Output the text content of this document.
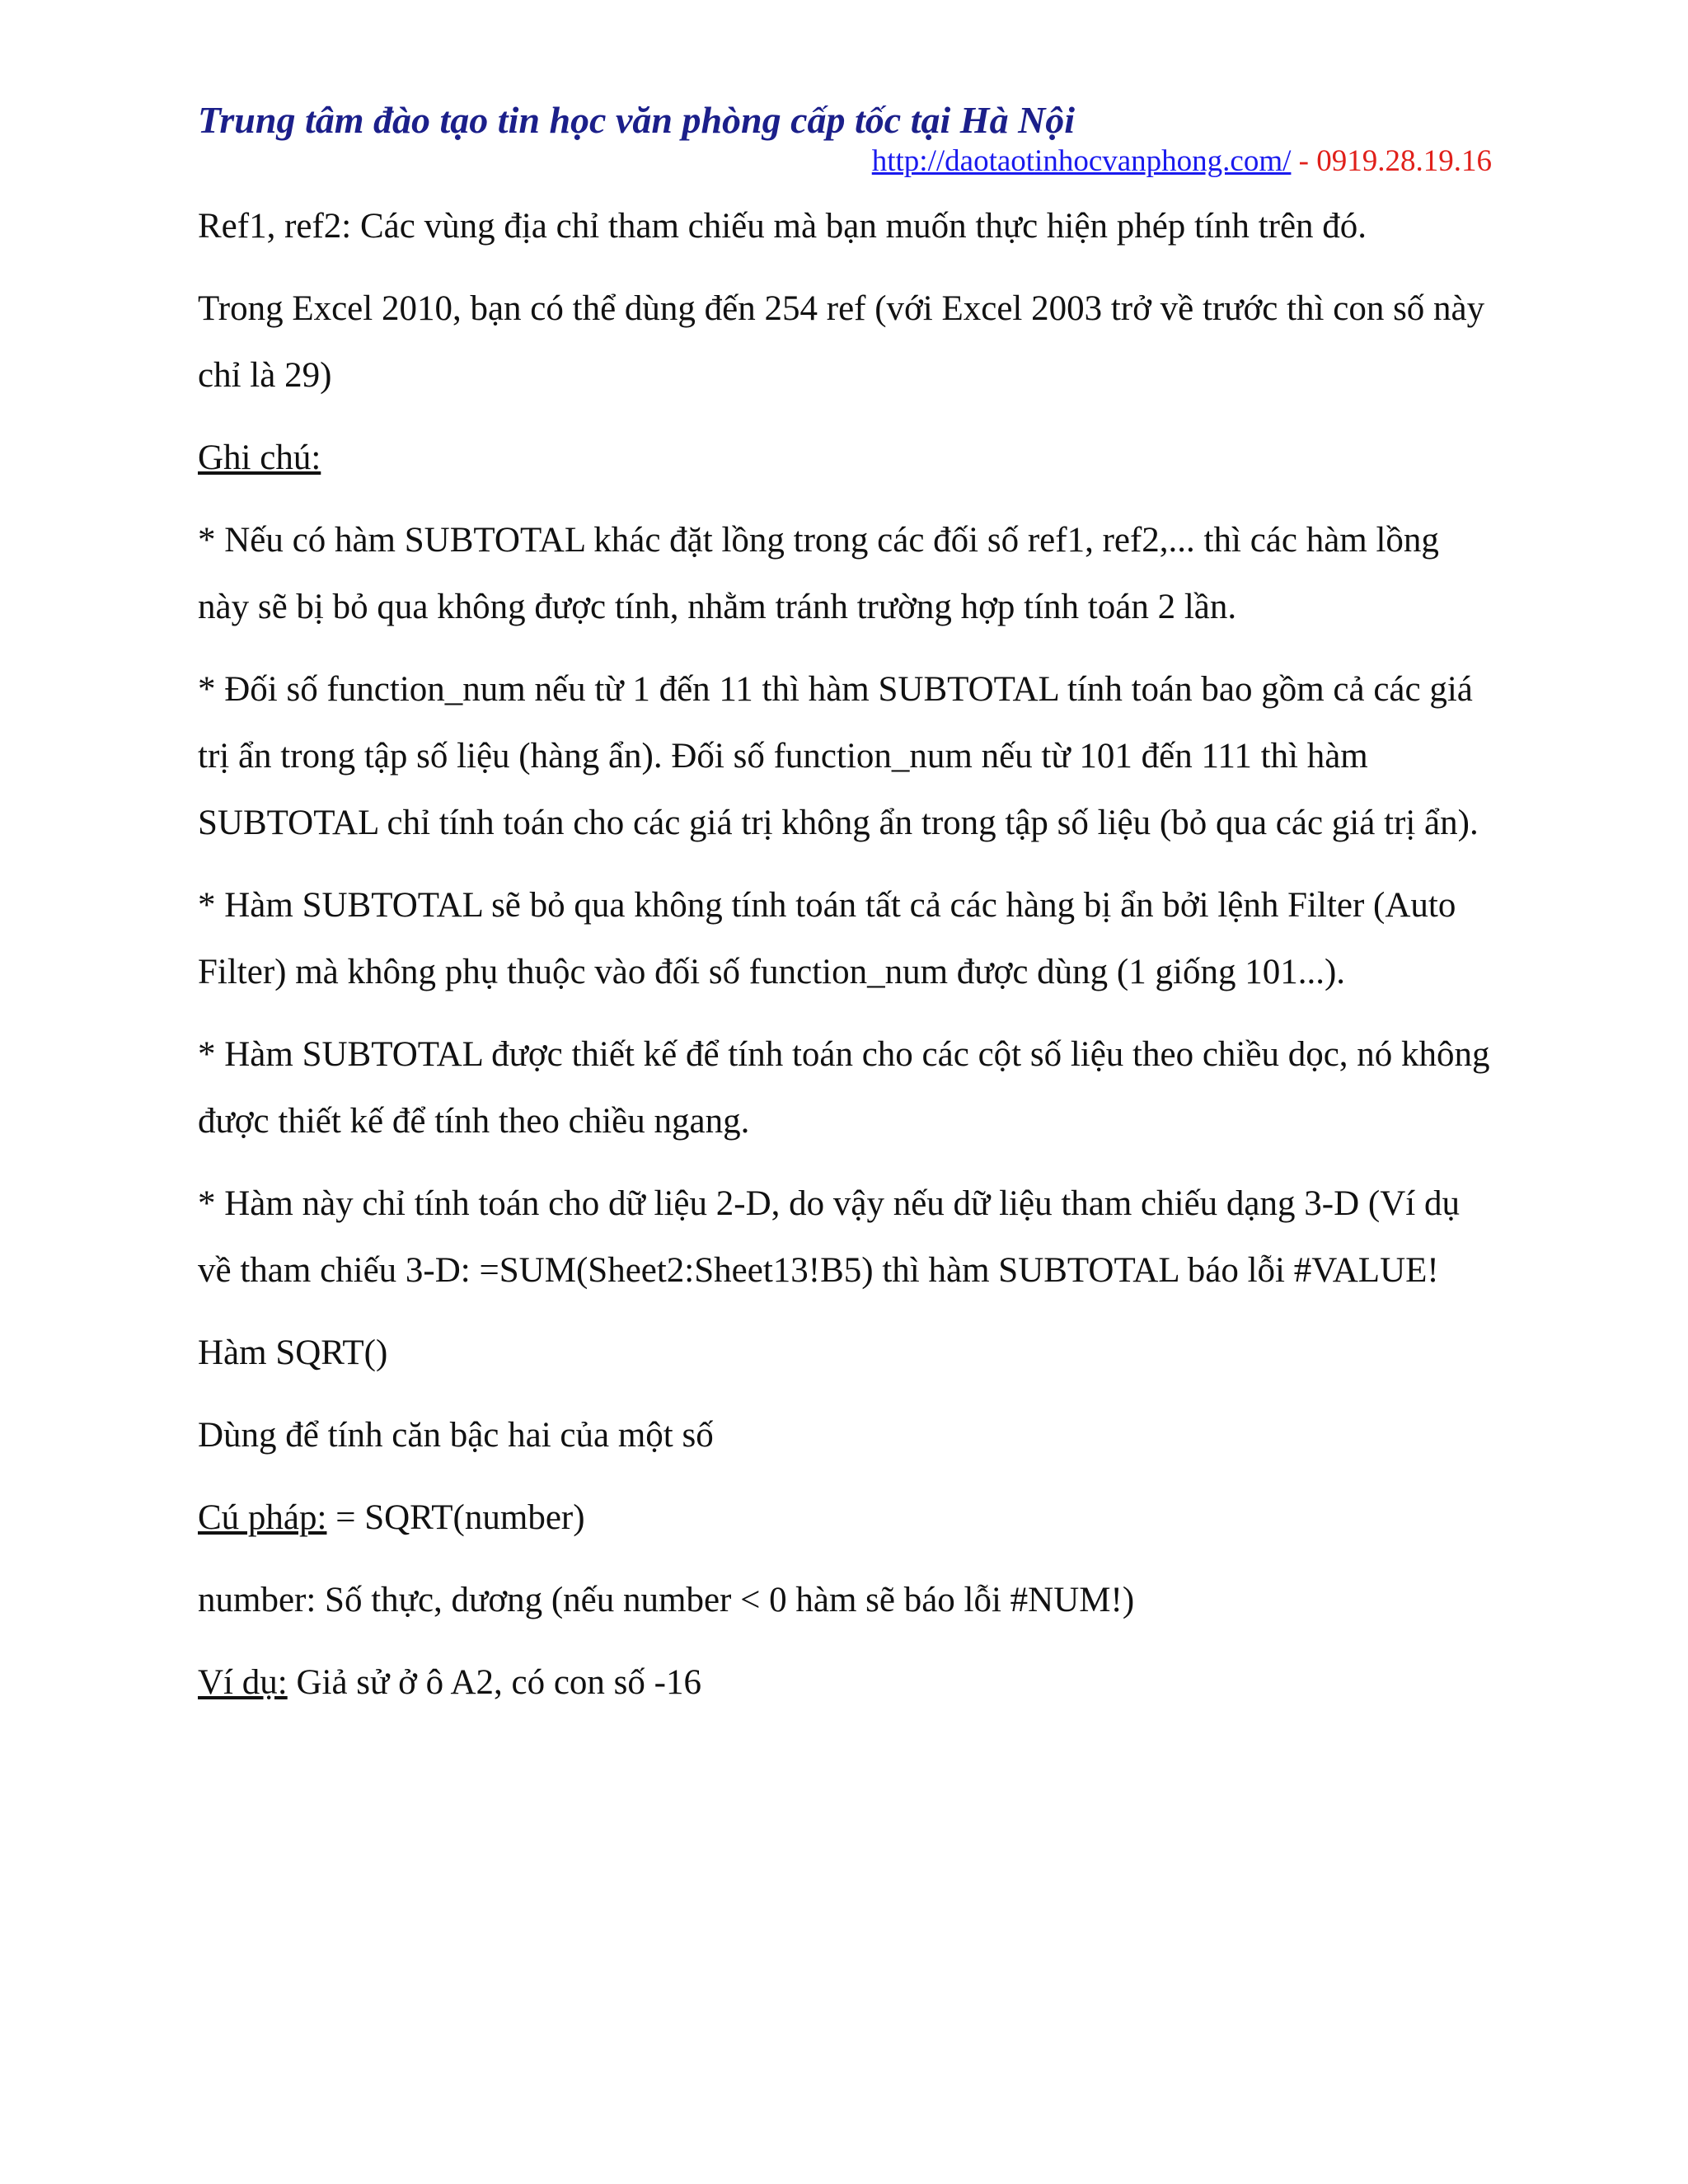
Trung tâm đào tạo tin học văn phòng cấp tốc tại Hà Nội
http://daotaotinhocvanphong.com/ - 0919.28.19.16

Ref1, ref2: Các vùng địa chỉ tham chiếu mà bạn muốn thực hiện phép tính trên đó.

Trong Excel 2010, bạn có thể dùng đến 254 ref (với Excel 2003 trở về trước thì con số này chỉ là 29)

Ghi chú:

* Nếu có hàm SUBTOTAL khác đặt lồng trong các đối số ref1, ref2,... thì các hàm lồng này sẽ bị bỏ qua không được tính, nhằm tránh trường hợp tính toán 2 lần.

* Đối số function_num nếu từ 1 đến 11 thì hàm SUBTOTAL tính toán bao gồm cả các giá trị ẩn trong tập số liệu (hàng ẩn). Đối số function_num nếu từ 101 đến 111 thì hàm SUBTOTAL chỉ tính toán cho các giá trị không ẩn trong tập số liệu (bỏ qua các giá trị ẩn).

* Hàm SUBTOTAL sẽ bỏ qua không tính toán tất cả các hàng bị ẩn bởi lệnh Filter (Auto Filter) mà không phụ thuộc vào đối số function_num được dùng (1 giống 101...).

* Hàm SUBTOTAL được thiết kế để tính toán cho các cột số liệu theo chiều dọc, nó không được thiết kế để tính theo chiều ngang.

* Hàm này chỉ tính toán cho dữ liệu 2-D, do vậy nếu dữ liệu tham chiếu dạng 3-D (Ví dụ về tham chiếu 3-D: =SUM(Sheet2:Sheet13!B5) thì hàm SUBTOTAL báo lỗi #VALUE!

Hàm SQRT()

Dùng để tính căn bậc hai của một số

Cú pháp: = SQRT(number)

number: Số thực, dương (nếu number < 0 hàm sẽ báo lỗi #NUM!)

Ví dụ: Giả sử ở ô A2, có con số -16
